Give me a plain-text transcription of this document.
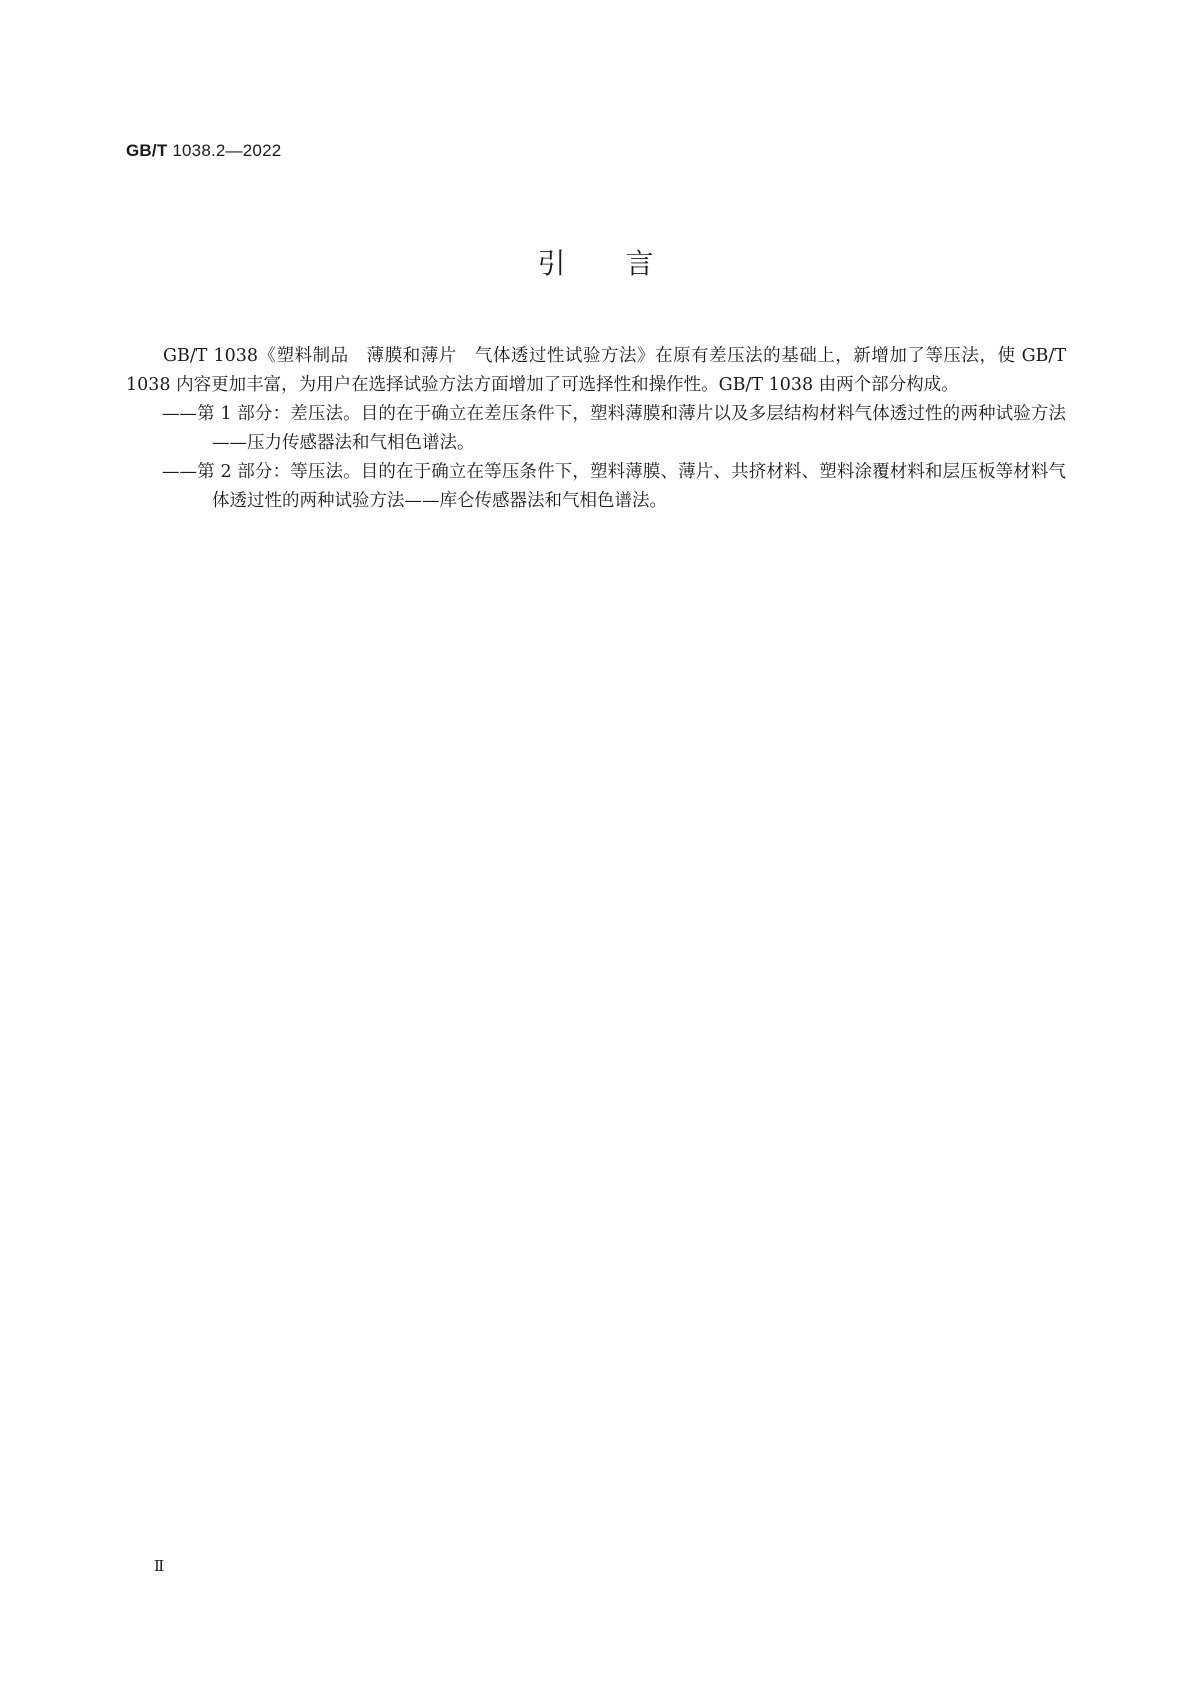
GB/T 1038.2—2022
引言

GB/T 1038《塑料制品　薄膜和薄片　气体透过性试验方法》在原有差压法的基础上，新增加了等压法，使 GB/T 1038 内容更加丰富，为用户在选择试验方法方面增加了可选择性和操作性。GB/T 1038 由两个部分构成。

——第 1 部分：差压法。目的在于确立在差压条件下，塑料薄膜和薄片以及多层结构材料气体透过性的两种试验方法——压力传感器法和气相色谱法。

——第 2 部分：等压法。目的在于确立在等压条件下，塑料薄膜、薄片、共挤材料、塑料涂覆材料和层压板等材料气体透过性的两种试验方法——库仑传感器法和气相色谱法。

Ⅱ
